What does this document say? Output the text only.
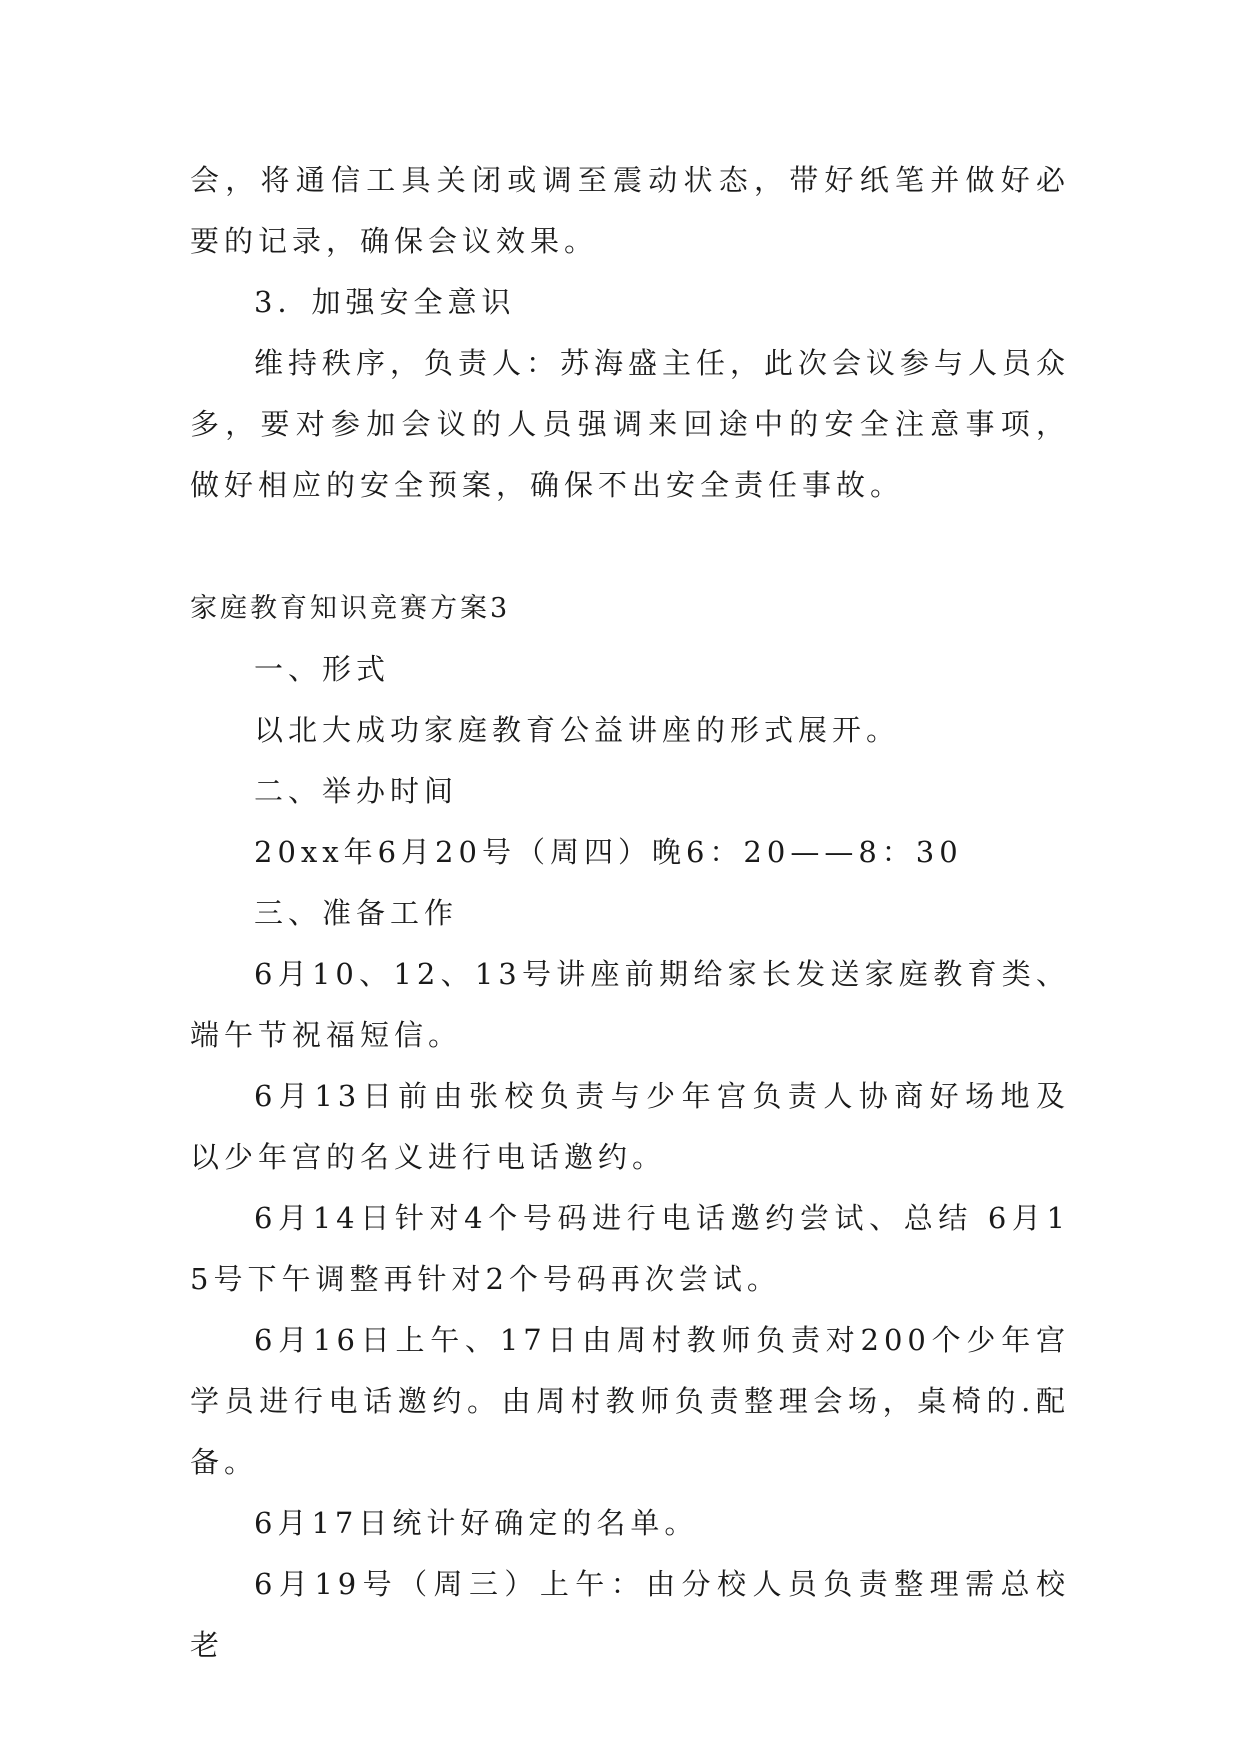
会，将通信工具关闭或调至震动状态，带好纸笔并做好必要的记录，确保会议效果。

3．加强安全意识

维持秩序，负责人：苏海盛主任，此次会议参与人员众多，要对参加会议的人员强调来回途中的安全注意事项，做好相应的安全预案，确保不出安全责任事故。

家庭教育知识竞赛方案3

一、形式

以北大成功家庭教育公益讲座的形式展开。

二、举办时间

20xx年6月20号（周四）晚6：20——8：30

三、准备工作

6月10、12、13号讲座前期给家长发送家庭教育类、端午节祝福短信。

6月13日前由张校负责与少年宫负责人协商好场地及以少年宫的名义进行电话邀约。

6月14日针对4个号码进行电话邀约尝试、总结 6月15号下午调整再针对2个号码再次尝试。

6月16日上午、17日由周村教师负责对200个少年宫学员进行电话邀约。由周村教师负责整理会场，桌椅的.配备。

6月17日统计好确定的名单。

6月19号（周三）上午：由分校人员负责整理需总校老
